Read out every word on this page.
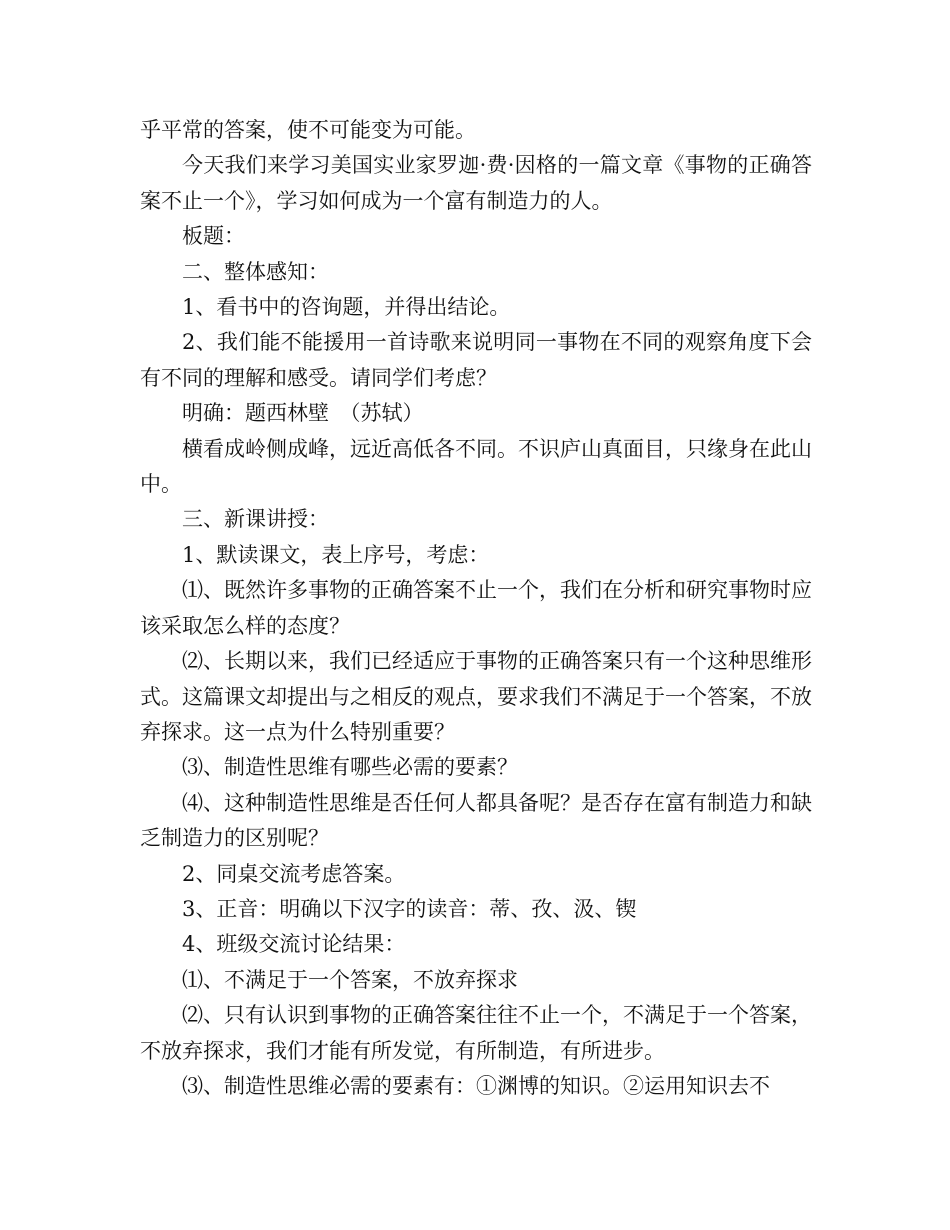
乎平常的答案，使不可能变为可能。

今天我们来学习美国实业家罗迦·费·因格的一篇文章《事物的正确答案不止一个》，学习如何成为一个富有制造力的人。

板题：

二、整体感知：

1、看书中的咨询题，并得出结论。

2、我们能不能援用一首诗歌来说明同一事物在不同的观察角度下会有不同的理解和感受。请同学们考虑？

明确：题西林壁　（苏轼）

横看成岭侧成峰，远近高低各不同。不识庐山真面目，只缘身在此山中。

三、新课讲授：

1、默读课文，表上序号，考虑：

⑴、既然许多事物的正确答案不止一个，我们在分析和研究事物时应该采取怎么样的态度？

⑵、长期以来，我们已经适应于事物的正确答案只有一个这种思维形式。这篇课文却提出与之相反的观点，要求我们不满足于一个答案，不放弃探求。这一点为什么特别重要？

⑶、制造性思维有哪些必需的要素？

⑷、这种制造性思维是否任何人都具备呢？是否存在富有制造力和缺乏制造力的区别呢？

2、同桌交流考虑答案。

3、正音：明确以下汉字的读音：蒂、孜、汲、锲

4、班级交流讨论结果：

⑴、不满足于一个答案，不放弃探求

⑵、只有认识到事物的正确答案往往不止一个，不满足于一个答案，不放弃探求，我们才能有所发觉，有所制造，有所进步。

⑶、制造性思维必需的要素有：①渊博的知识。②运用知识去不
